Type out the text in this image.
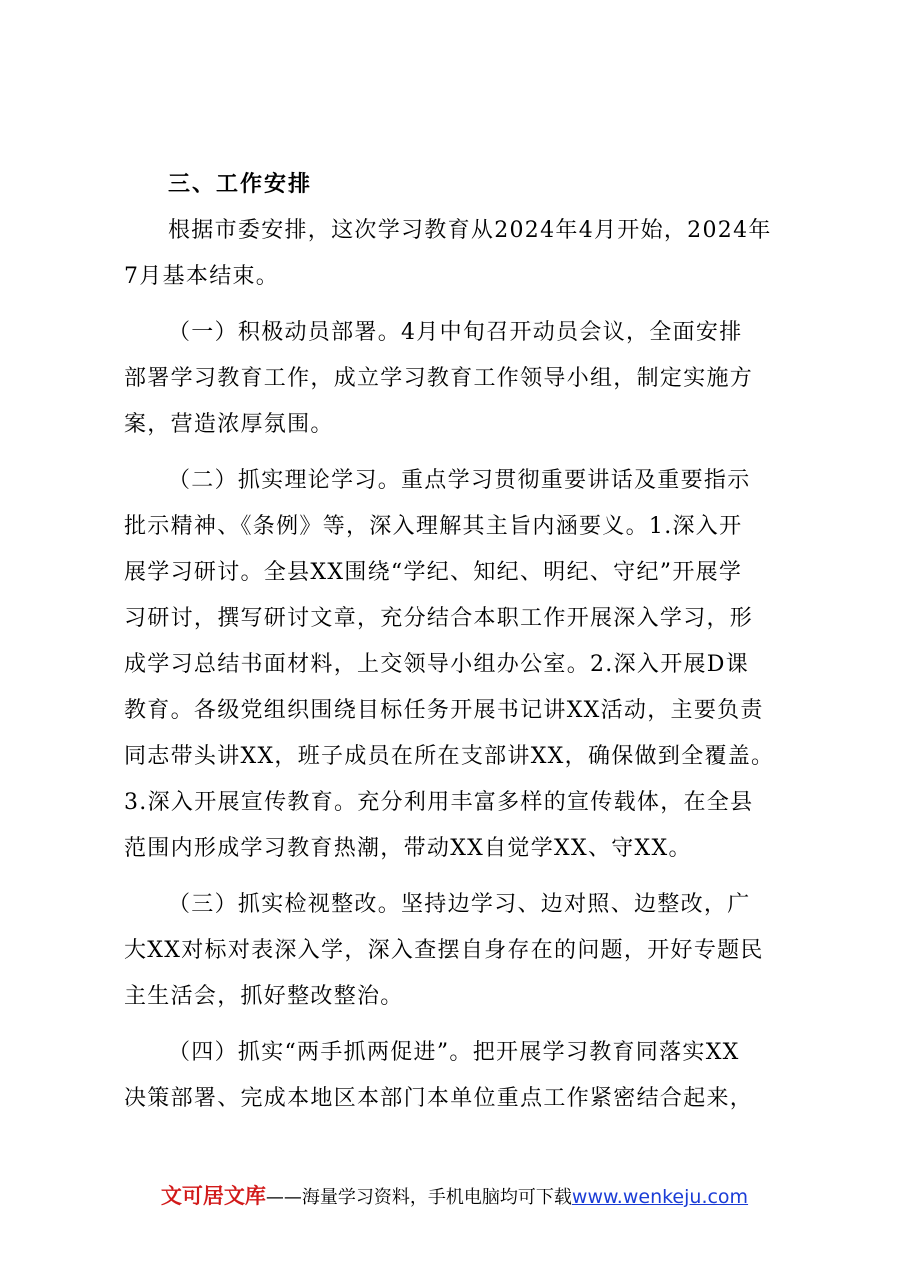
三、工作安排
根据市委安排，这次学习教育从2024年4月开始，2024年
7月基本结束。
（一）积极动员部署。4月中旬召开动员会议，全面安排
部署学习教育工作，成立学习教育工作领导小组，制定实施方
案，营造浓厚氛围。
（二）抓实理论学习。重点学习贯彻重要讲话及重要指示
批示精神、《条例》等，深入理解其主旨内涵要义。1.深入开
展学习研讨。全县XX围绕“学纪、知纪、明纪、守纪”开展学
习研讨，撰写研讨文章，充分结合本职工作开展深入学习，形
成学习总结书面材料，上交领导小组办公室。2.深入开展D课
教育。各级党组织围绕目标任务开展书记讲XX活动，主要负责
同志带头讲XX，班子成员在所在支部讲XX，确保做到全覆盖。
3.深入开展宣传教育。充分利用丰富多样的宣传载体，在全县
范围内形成学习教育热潮，带动XX自觉学XX、守XX。
（三）抓实检视整改。坚持边学习、边对照、边整改，广
大XX对标对表深入学，深入查摆自身存在的问题，开好专题民
主生活会，抓好整改整治。
（四）抓实“两手抓两促进”。把开展学习教育同落实XX
决策部署、完成本地区本部门本单位重点工作紧密结合起来，
文可居文库——海量学习资料，手机电脑均可下载www.wenkeju.com
